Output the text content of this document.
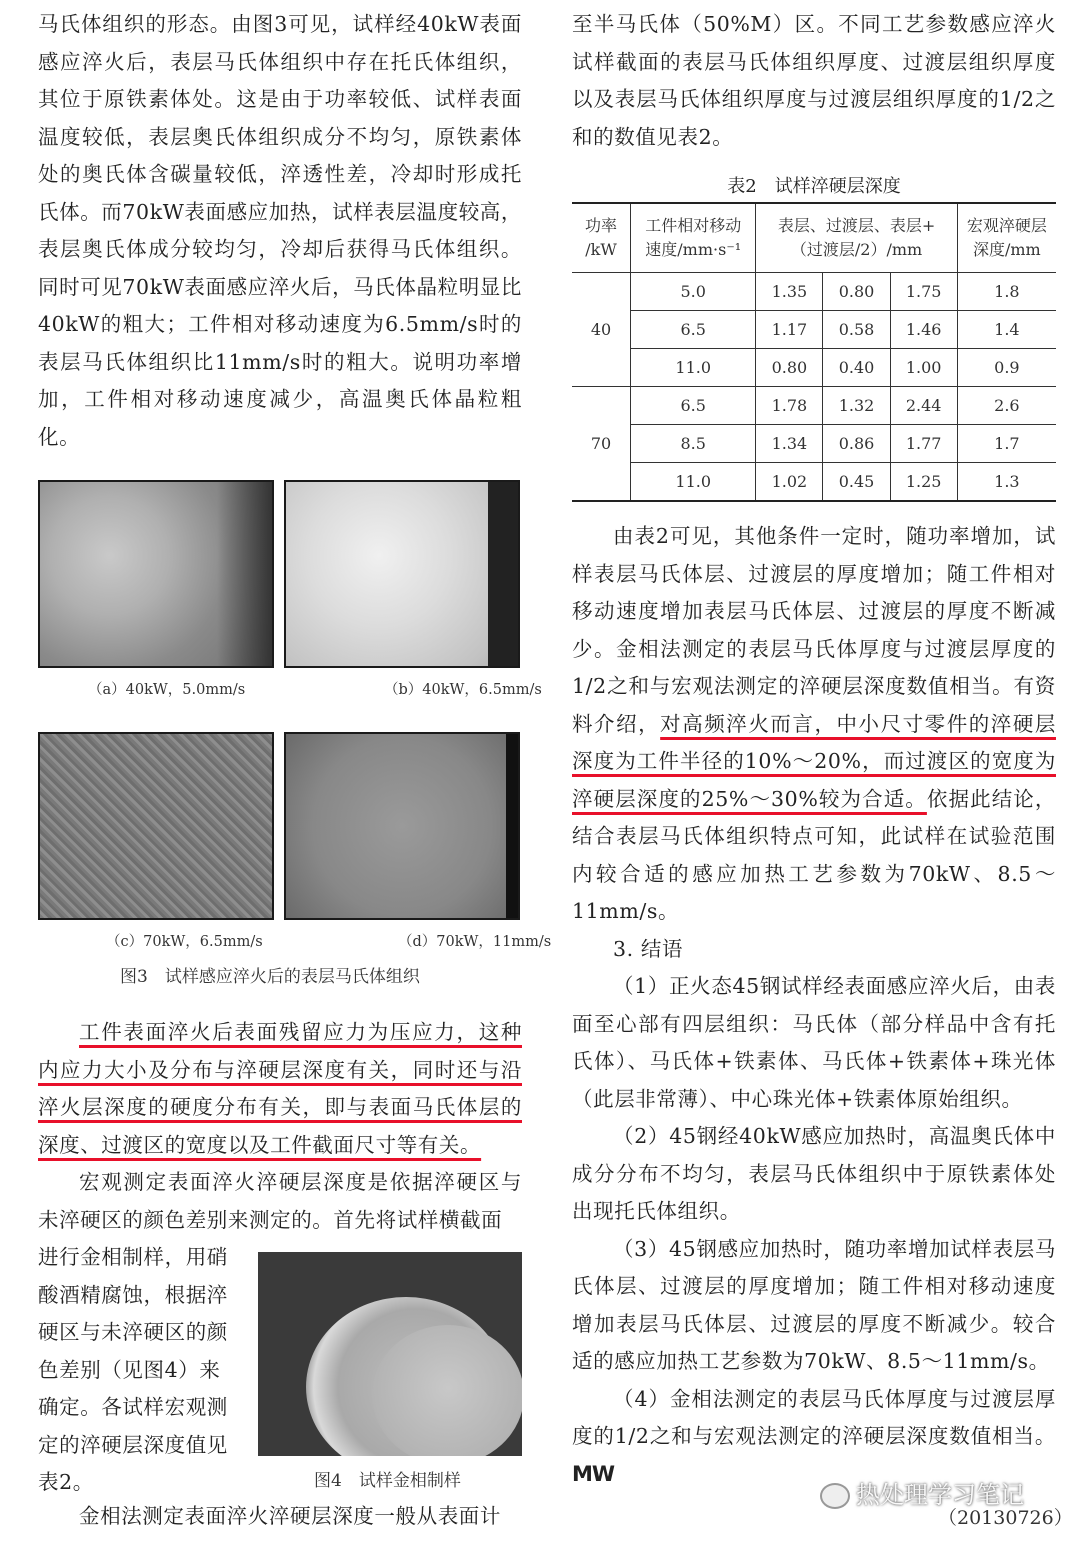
马氏体组织的形态。由图3可见，试样经40kW表面感应淬火后，表层马氏体组织中存在托氏体组织，其位于原铁素体处。这是由于功率较低、试样表面温度较低，表层奥氏体组织成分不均匀，原铁素体处的奥氏体含碳量较低，淬透性差，冷却时形成托氏体。而70kW表面感应加热，试样表层温度较高，表层奥氏体成分较均匀，冷却后获得马氏体组织。同时可见70kW表面感应淬火后，马氏体晶粒明显比40kW的粗大；工件相对移动速度为6.5mm/s时的表层马氏体组织比11mm/s时的粗大。说明功率增加，工件相对移动速度减少，高温奥氏体晶粒粗化。

（a）40kW，5.0mm/s	（b）40kW，6.5mm/s
（c）70kW，6.5mm/s	（d）70kW，11mm/s
图3　试样感应淬火后的表层马氏体组织

工件表面淬火后表面残留应力为压应力，这种内应力大小及分布与淬硬层深度有关，同时还与沿淬火层深度的硬度分布有关，即与表面马氏体层的深度、过渡区的宽度以及工件截面尺寸等有关。

宏观测定表面淬火淬硬层深度是依据淬硬区与未淬硬区的颜色差别来测定的。首先将试样横截面

进行金相制样，用硝
酸酒精腐蚀，根据淬
硬区与未淬硬区的颜
色差别（见图4）来
确定。各试样宏观测
定的淬硬层深度值见
表2。	图4　试样金相制样

金相法测定表面淬火淬硬层深度一般从表面计

至半马氏体（50%M）区。不同工艺参数感应淬火试样截面的表层马氏体组织厚度、过渡层组织厚度以及表层马氏体组织厚度与过渡层组织厚度的1/2之和的数值见表2。

表2　试样淬硬层深度
功率
/kW	工件相对移动
速度/mm·s⁻¹	表层、过渡层、表层+
（过渡层/2）/mm			宏观淬硬层
深度/mm
40	5.0	1.35	0.80	1.75	1.8
	6.5	1.17	0.58	1.46	1.4
	11.0	0.80	0.40	1.00	0.9
70	6.5	1.78	1.32	2.44	2.6
	8.5	1.34	0.86	1.77	1.7
	11.0	1.02	0.45	1.25	1.3

由表2可见，其他条件一定时，随功率增加，试样表层马氏体层、过渡层的厚度增加；随工件相对移动速度增加表层马氏体层、过渡层的厚度不断减少。金相法测定的表层马氏体厚度与过渡层厚度的1/2之和与宏观法测定的淬硬层深度数值相当。有资料介绍，对高频淬火而言，中小尺寸零件的淬硬层深度为工件半径的10%～20%，而过渡区的宽度为淬硬层深度的25%～30%较为合适。依据此结论，结合表层马氏体组织特点可知，此试样在试验范围内较合适的感应加热工艺参数为70kW、8.5～11mm/s。

3. 结语

（1）正火态45钢试样经表面感应淬火后，由表面至心部有四层组织：马氏体（部分样品中含有托氏体）、马氏体+铁素体、马氏体+铁素体+珠光体（此层非常薄）、中心珠光体+铁素体原始组织。

（2）45钢经40kW感应加热时，高温奥氏体中成分分布不均匀，表层马氏体组织中于原铁素体处出现托氏体组织。

（3）45钢感应加热时，随功率增加试样表层马氏体层、过渡层的厚度增加；随工件相对移动速度增加表层马氏体层、过渡层的厚度不断减少。较合适的感应加热工艺参数为70kW、8.5～11mm/s。

（4）金相法测定的表层马氏体厚度与过渡层厚度的1/2之和与宏观法测定的淬硬层深度数值相当。MW

（20130726）
热处理学习笔记
